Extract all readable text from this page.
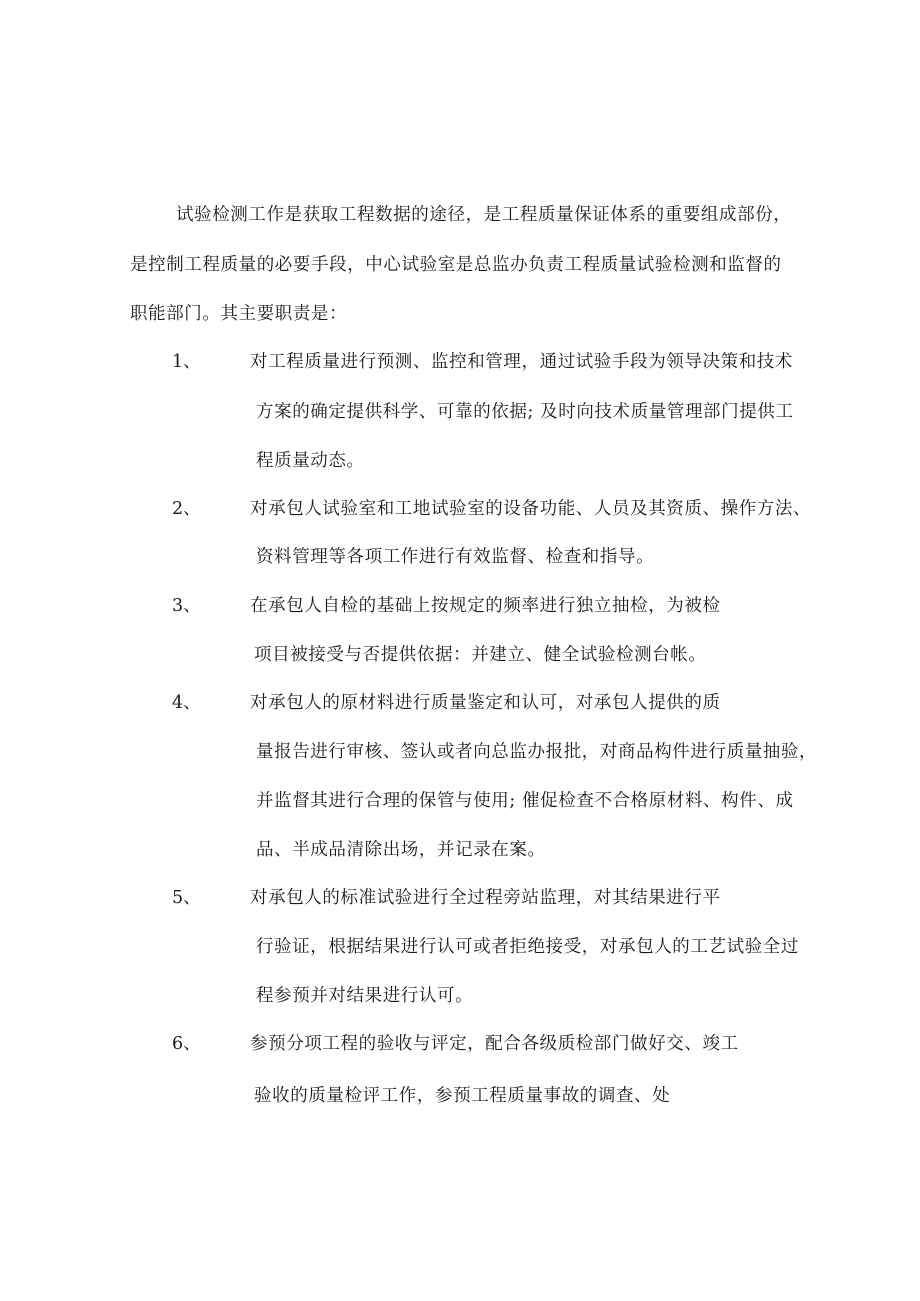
试验检测工作是获取工程数据的途径，是工程质量保证体系的重要组成部份，
是控制工程质量的必要手段，中心试验室是总监办负责工程质量试验检测和监督的
职能部门。其主要职责是：
1、	对工程质量进行预测、监控和管理，通过试验手段为领导决策和技术
方案的确定提供科学、可靠的依据; 及时向技术质量管理部门提供工
程质量动态。
2、	对承包人试验室和工地试验室的设备功能、人员及其资质、操作方法、
资料管理等各项工作进行有效监督、检查和指导。
3、	在承包人自检的基础上按规定的频率进行独立抽检，为被检
项目被接受与否提供依据：并建立、健全试验检测台帐。
4、	对承包人的原材料进行质量鉴定和认可，对承包人提供的质
量报告进行审核、签认或者向总监办报批，对商品构件进行质量抽验，
并监督其进行合理的保管与使用; 催促检查不合格原材料、构件、成
品、半成品清除出场，并记录在案。
5、	对承包人的标准试验进行全过程旁站监理，对其结果进行平
行验证，根据结果进行认可或者拒绝接受，对承包人的工艺试验全过
程参预并对结果进行认可。
6、	参预分项工程的验收与评定，配合各级质检部门做好交、竣工
验收的质量检评工作，参预工程质量事故的调查、处
